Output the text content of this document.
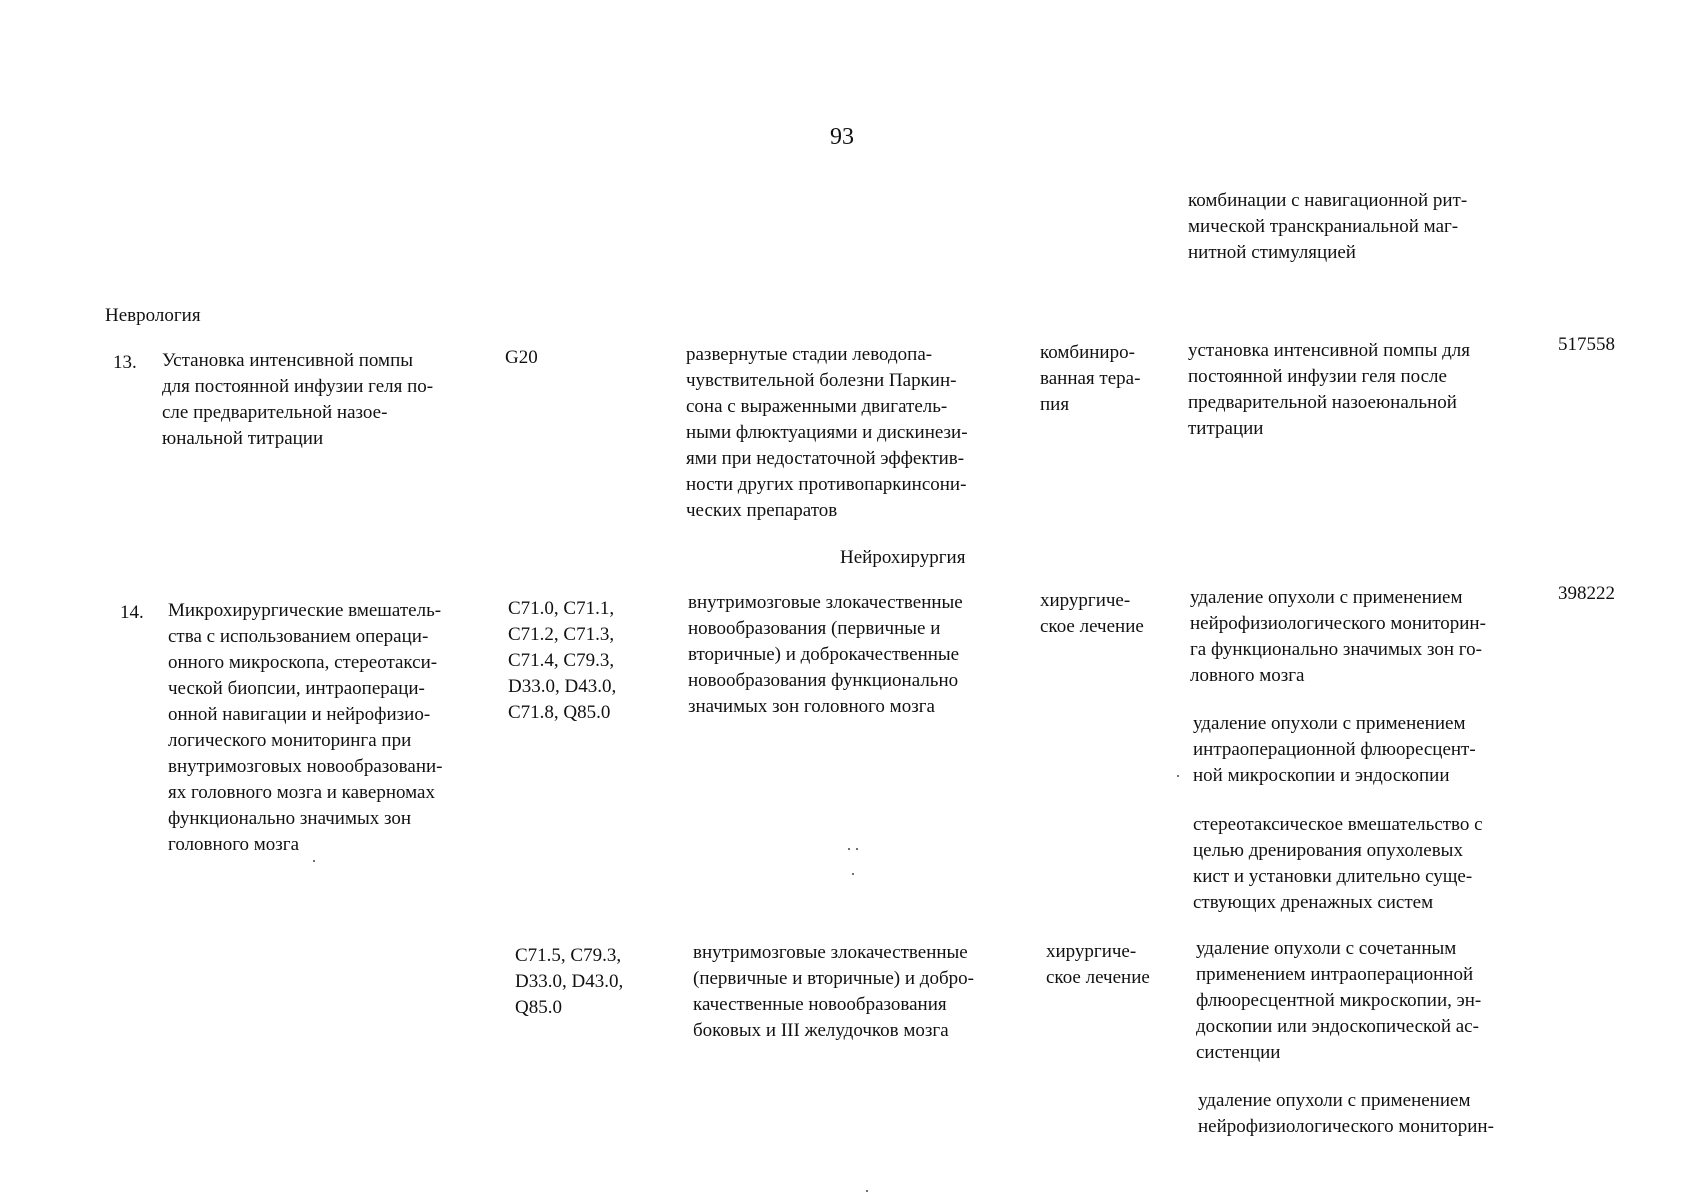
93
комбинации с навигационной рит-
мической транскраниальной маг-
нитной стимуляцией
Неврология
13. Установка интенсивной помпы
для постоянной инфузии геля по-
сле предварительной назое-
юнальной титрации
G20	развернутые стадии леводопа-
чувствительной болезни Паркин-
сона с выраженными двигатель-
ными флюктуациями и дискинези-
ями при недостаточной эффектив-
ности других противопаркинсони-
ческих препаратов
комбиниро-
ванная тера-
пия
установка интенсивной помпы для
постоянной инфузии геля после
предварительной назоеюнальной
титрации
517558
Нейрохирургия
14. Микрохирургические вмешатель-
ства с использованием операци-
онного микроскопа, стереотакси-
ческой биопсии, интраопераци-
онной навигации и нейрофизио-
логического мониторинга при
внутримозговых новообразовани-
ях головного мозга и каверномах
функционально значимых зон
головного мозга
C71.0, C71.1,
C71.2, C71.3,
C71.4, C79.3,
D33.0, D43.0,
C71.8, Q85.0
внутримозговые злокачественные
новообразования (первичные и
вторичные) и доброкачественные
новообразования функционально
значимых зон головного мозга
хирургиче-
ское лечение
удаление опухоли с применением
нейрофизиологического мониторин-
га функционально значимых зон го-
ловного мозга
удаление опухоли с применением
интраоперационной флюоресцент-
ной микроскопии и эндоскопии
стереотаксическое вмешательство с
целью дренирования опухолевых
кист и установки длительно суще-
ствующих дренажных систем
398222
C71.5, C79.3,
D33.0, D43.0,
Q85.0
внутримозговые злокачественные
(первичные и вторичные) и добро-
качественные новообразования
боковых и III желудочков мозга
хирургиче-
ское лечение
удаление опухоли с сочетанным
применением интраоперационной
флюоресцентной микроскопии, эн-
доскопии или эндоскопической ас-
систенции
удаление опухоли с применением
нейрофизиологического мониторин-
